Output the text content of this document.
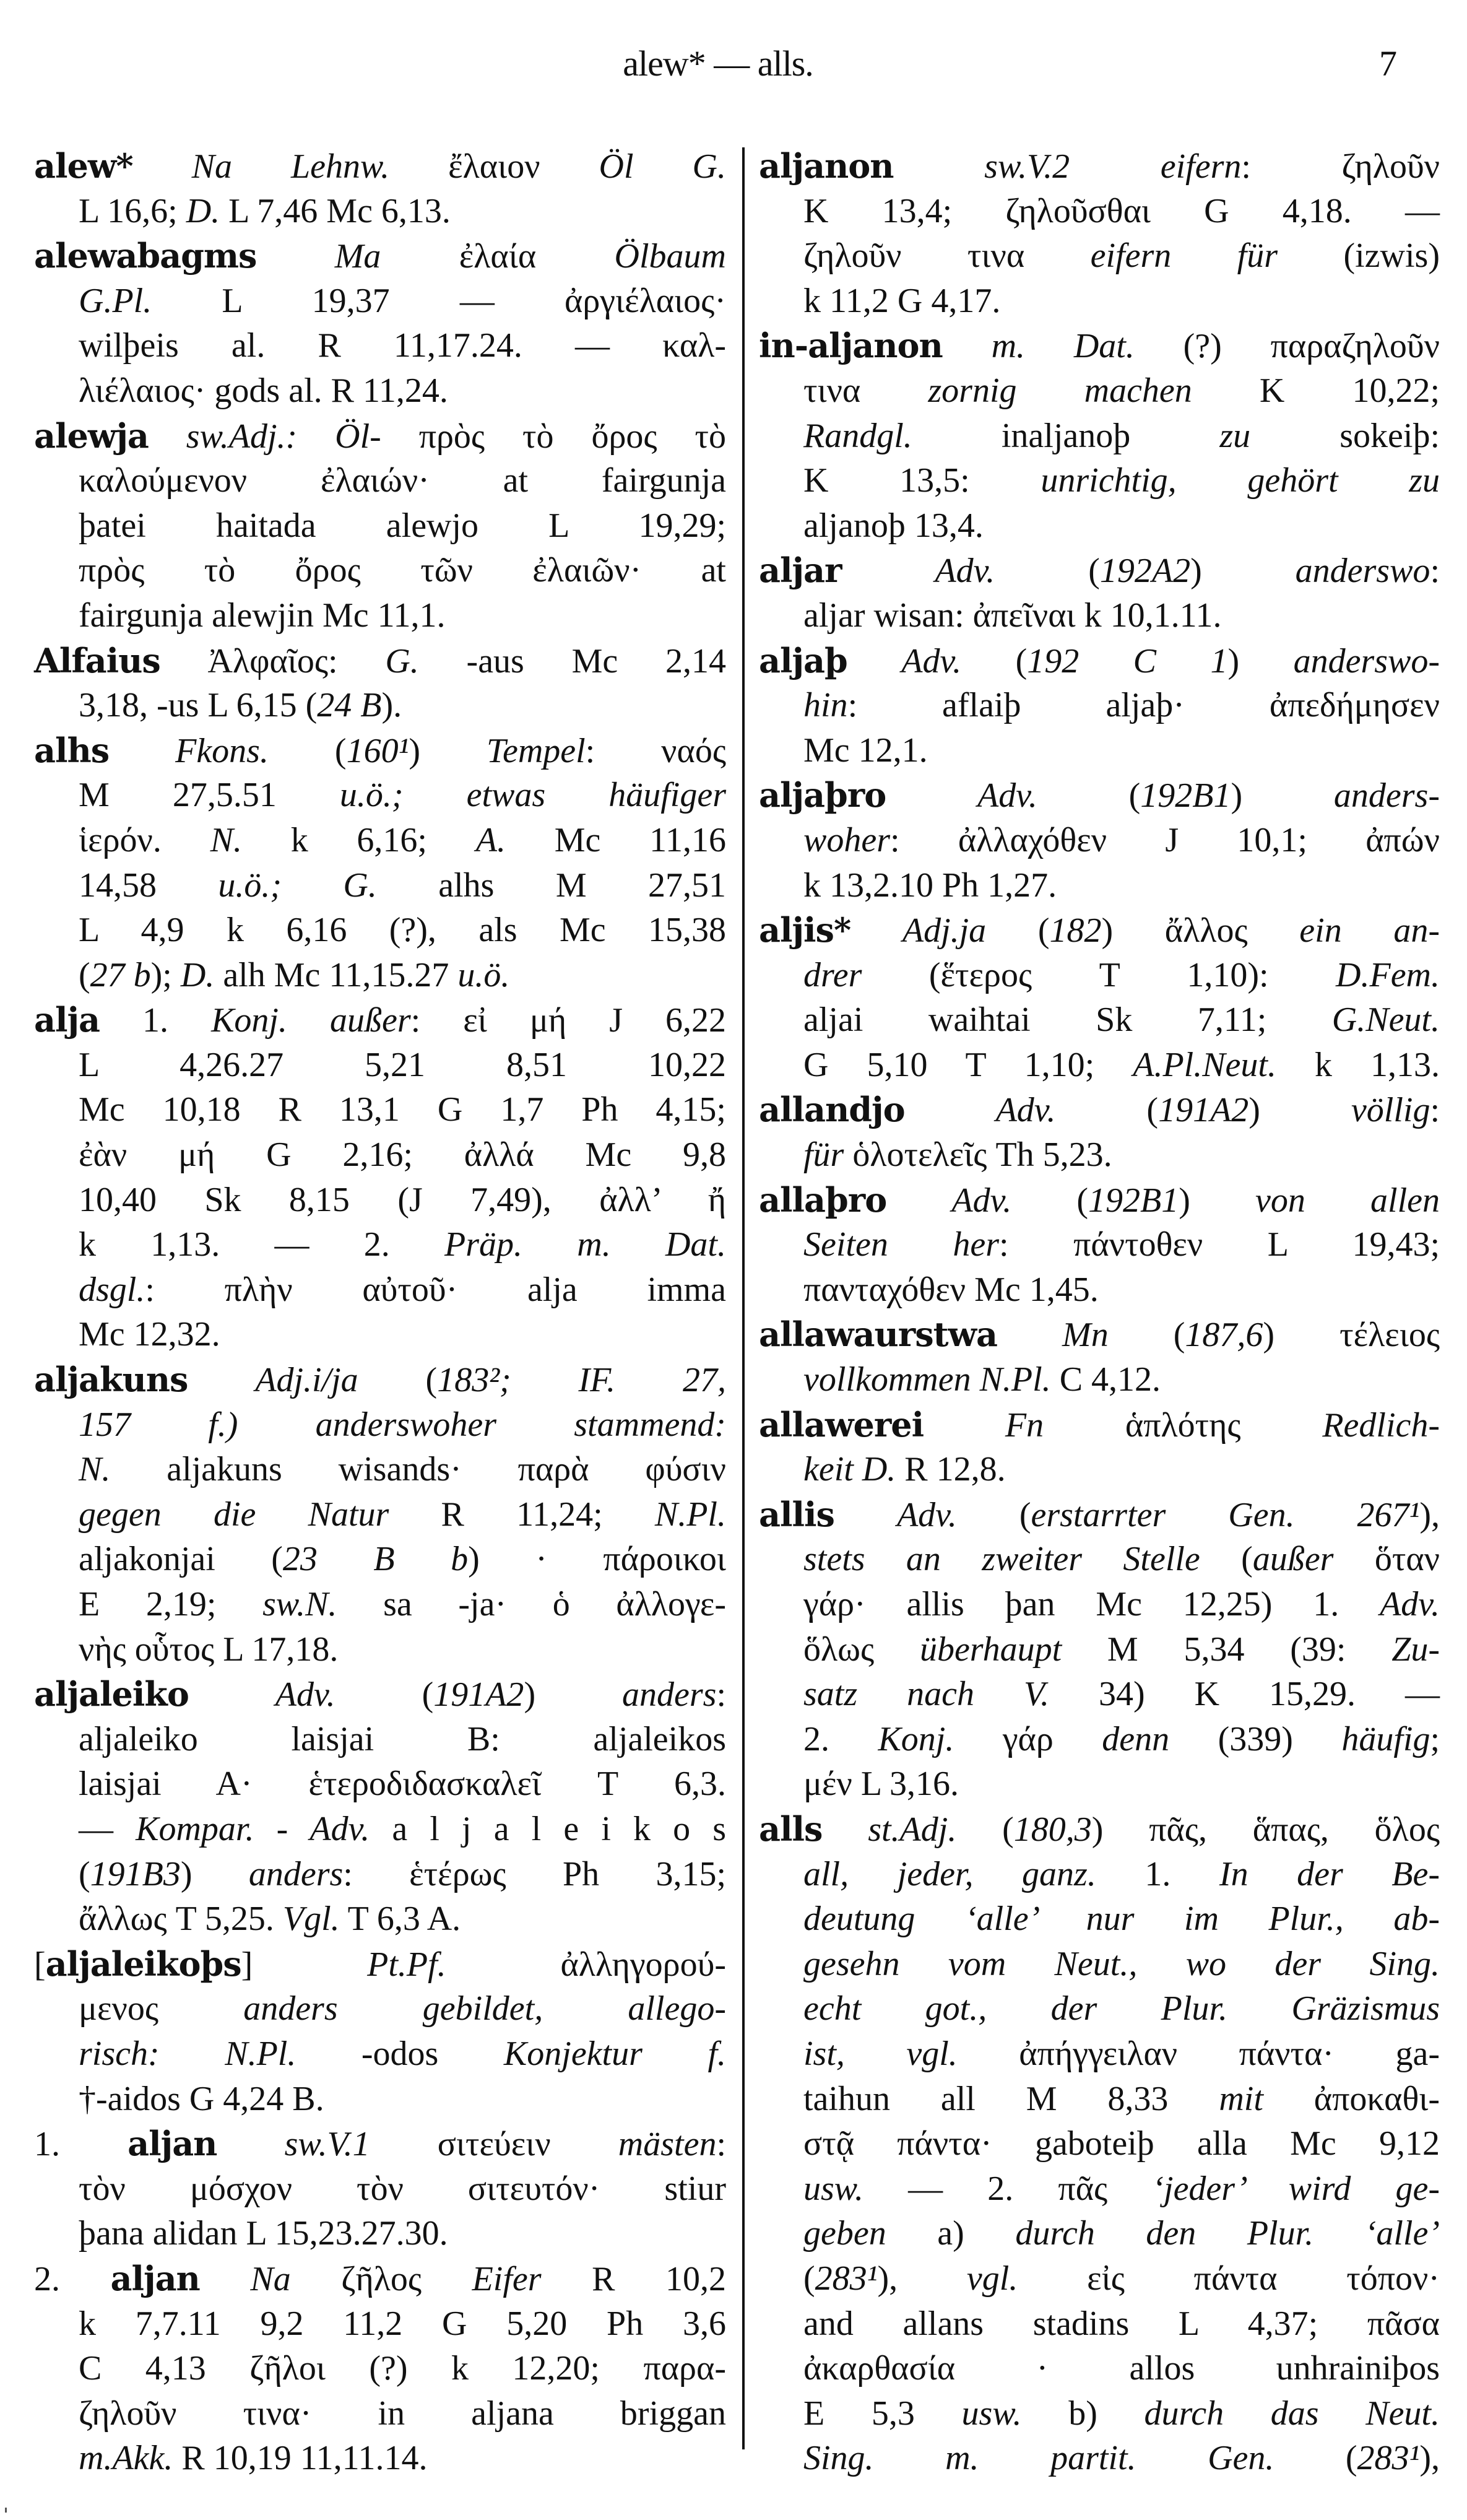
alew* — alls.	7
alew* Na Lehnw. ἔλαιον Öl G.
L 16,6; D. L 7,46 Mc 6,13.
alewabagms Ma ἐλαία Ölbaum
G.Pl. L 19,37 — ἀργιέλαιος·
wilþeis al. R 11,17.24. — καλ-
λιέλαιος· gods al. R 11,24.
alewja sw.Adj.: Öl- πρὸς τὸ ὄρος τὸ
καλούμενον ἐλαιών· at fairgunja
þatei haitada alewjo L 19,29;
πρὸς τὸ ὄρος τῶν ἐλαιῶν· at
fairgunja alewjin Mc 11,1.
Alfaius Ἀλφαῖος: G. -aus Mc 2,14
3,18, -us L 6,15 (24 B).
alhs Fkons. (160¹) Tempel: ναός
M 27,5.51 u.ö.; etwas häufiger
ἱερόν. N. k 6,16; A. Mc 11,16
14,58 u.ö.; G. alhs M 27,51
L 4,9 k 6,16 (?), als Mc 15,38
(27 b); D. alh Mc 11,15.27 u.ö.
alja 1. Konj. außer: εἰ μή J 6,22
L 4,26.27 5,21 8,51 10,22
Mc 10,18 R 13,1 G 1,7 Ph 4,15;
ἐὰν μή G 2,16; ἀλλά Mc 9,8
10,40 Sk 8,15 (J 7,49), ἀλλ’ ἤ
k 1,13. — 2. Präp. m. Dat.
dsgl.: πλὴν αὐτοῦ· alja imma
Mc 12,32.
aljakuns Adj.i/ja (183²; IF. 27,
157 f.) anderswoher stammend:
N. aljakuns wisands· παρὰ φύσιν
gegen die Natur R 11,24; N.Pl.
aljakonjai (23 B b) · πάροικοι
E 2,19; sw.N. sa -ja· ὁ ἀλλογε-
νὴς οὗτος L 17,18.
aljaleiko Adv. (191A2) anders:
aljaleiko laisjai B: aljaleikos
laisjai A· ἑτεροδιδασκαλεῖ T 6,3.
— Kompar. - Adv. a l j a l e i k o s
(191B3) anders: ἑτέρως Ph 3,15;
ἄλλως T 5,25. Vgl. T 6,3 A.
[aljaleikoþs] Pt.Pf. ἀλληγορού-
μενος anders gebildet, allego-
risch: N.Pl. -odos Konjektur f.
†-aidos G 4,24 B.
1. aljan sw.V.1 σιτεύειν mästen:
τὸν μόσχον τὸν σιτευτόν· stiur
þana alidan L 15,23.27.30.
2. aljan Na ζῆλος Eifer R 10,2
k 7,7.11 9,2 11,2 G 5,20 Ph 3,6
C 4,13 ζῆλοι (?) k 12,20; παρα-
ζηλοῦν τινα· in aljana briggan
m.Akk. R 10,19 11,11.14.
aljanon	sw.V.2 eifern: ζηλοῦν
K 13,4; ζηλοῦσθαι G 4,18. —
ζηλοῦν τινα eifern für (izwis)
k 11,2 G 4,17.
in-aljanon m. Dat. (?) παραζηλοῦν
τινα zornig machen K 10,22;
Randgl. inaljanoþ zu sokeiþ:
K 13,5: unrichtig, gehört zu
aljanoþ 13,4.
aljar	Adv. (192A2) anderswo:
aljar wisan: ἀπεῖναι k 10,1.11.
aljaþ Adv. (192 C 1) anderswo-
hin: aflaiþ aljaþ· ἀπεδήμησεν
Mc 12,1.
aljaþro	Adv. (192B1) anders-
woher: ἀλλαχόθεν J 10,1; ἀπών
k 13,2.10 Ph 1,27.
aljis* Adj.ja (182) ἄλλος ein an-
drer (ἕτερος T 1,10): D.Fem.
aljai waihtai Sk 7,11; G.Neut.
G 5,10 T 1,10; A.Pl.Neut. k 1,13.
allandjo	Adv. (191A2) völlig:
für ὁλοτελεῖς Th 5,23.
allaþro Adv. (192B1) von allen
Seiten her: πάντοθεν L 19,43;
πανταχόθεν Mc 1,45.
allawaurstwa Mn (187,6) τέλειος
vollkommen N.Pl. C 4,12.
allawerei Fn ἁπλότης Redlich-
keit D. R 12,8.
allis Adv. (erstarrter Gen. 267¹),
stets an zweiter Stelle (außer ὅταν
γάρ· allis þan Mc 12,25) 1. Adv.
ὅλως überhaupt M 5,34 (39: Zu-
satz nach V. 34) K 15,29. —
2. Konj. γάρ denn (339) häufig;
μέν L 3,16.
alls st.Adj. (180,3) πᾶς, ἅπας, ὅλος
all, jeder, ganz. 1. In der Be-
deutung ‘alle’ nur im Plur., ab-
gesehn vom Neut., wo der Sing.
echt got., der Plur. Gräzismus
ist, vgl. ἀπήγγειλαν πάντα· ga-
taihun all M 8,33 mit ἀποκαθι-
στᾷ πάντα· gaboteiþ alla Mc 9,12
usw. — 2. πᾶς ‘jeder’ wird ge-
geben a) durch den Plur. ‘alle’
(283¹), vgl. εἰς πάντα τόπον·
and allans stadins L 4,37; πᾶσα
ἀκαρθασία · allos unhrainiþos
E 5,3 usw. b) durch das Neut.
Sing. m. partit. Gen. (283¹),
